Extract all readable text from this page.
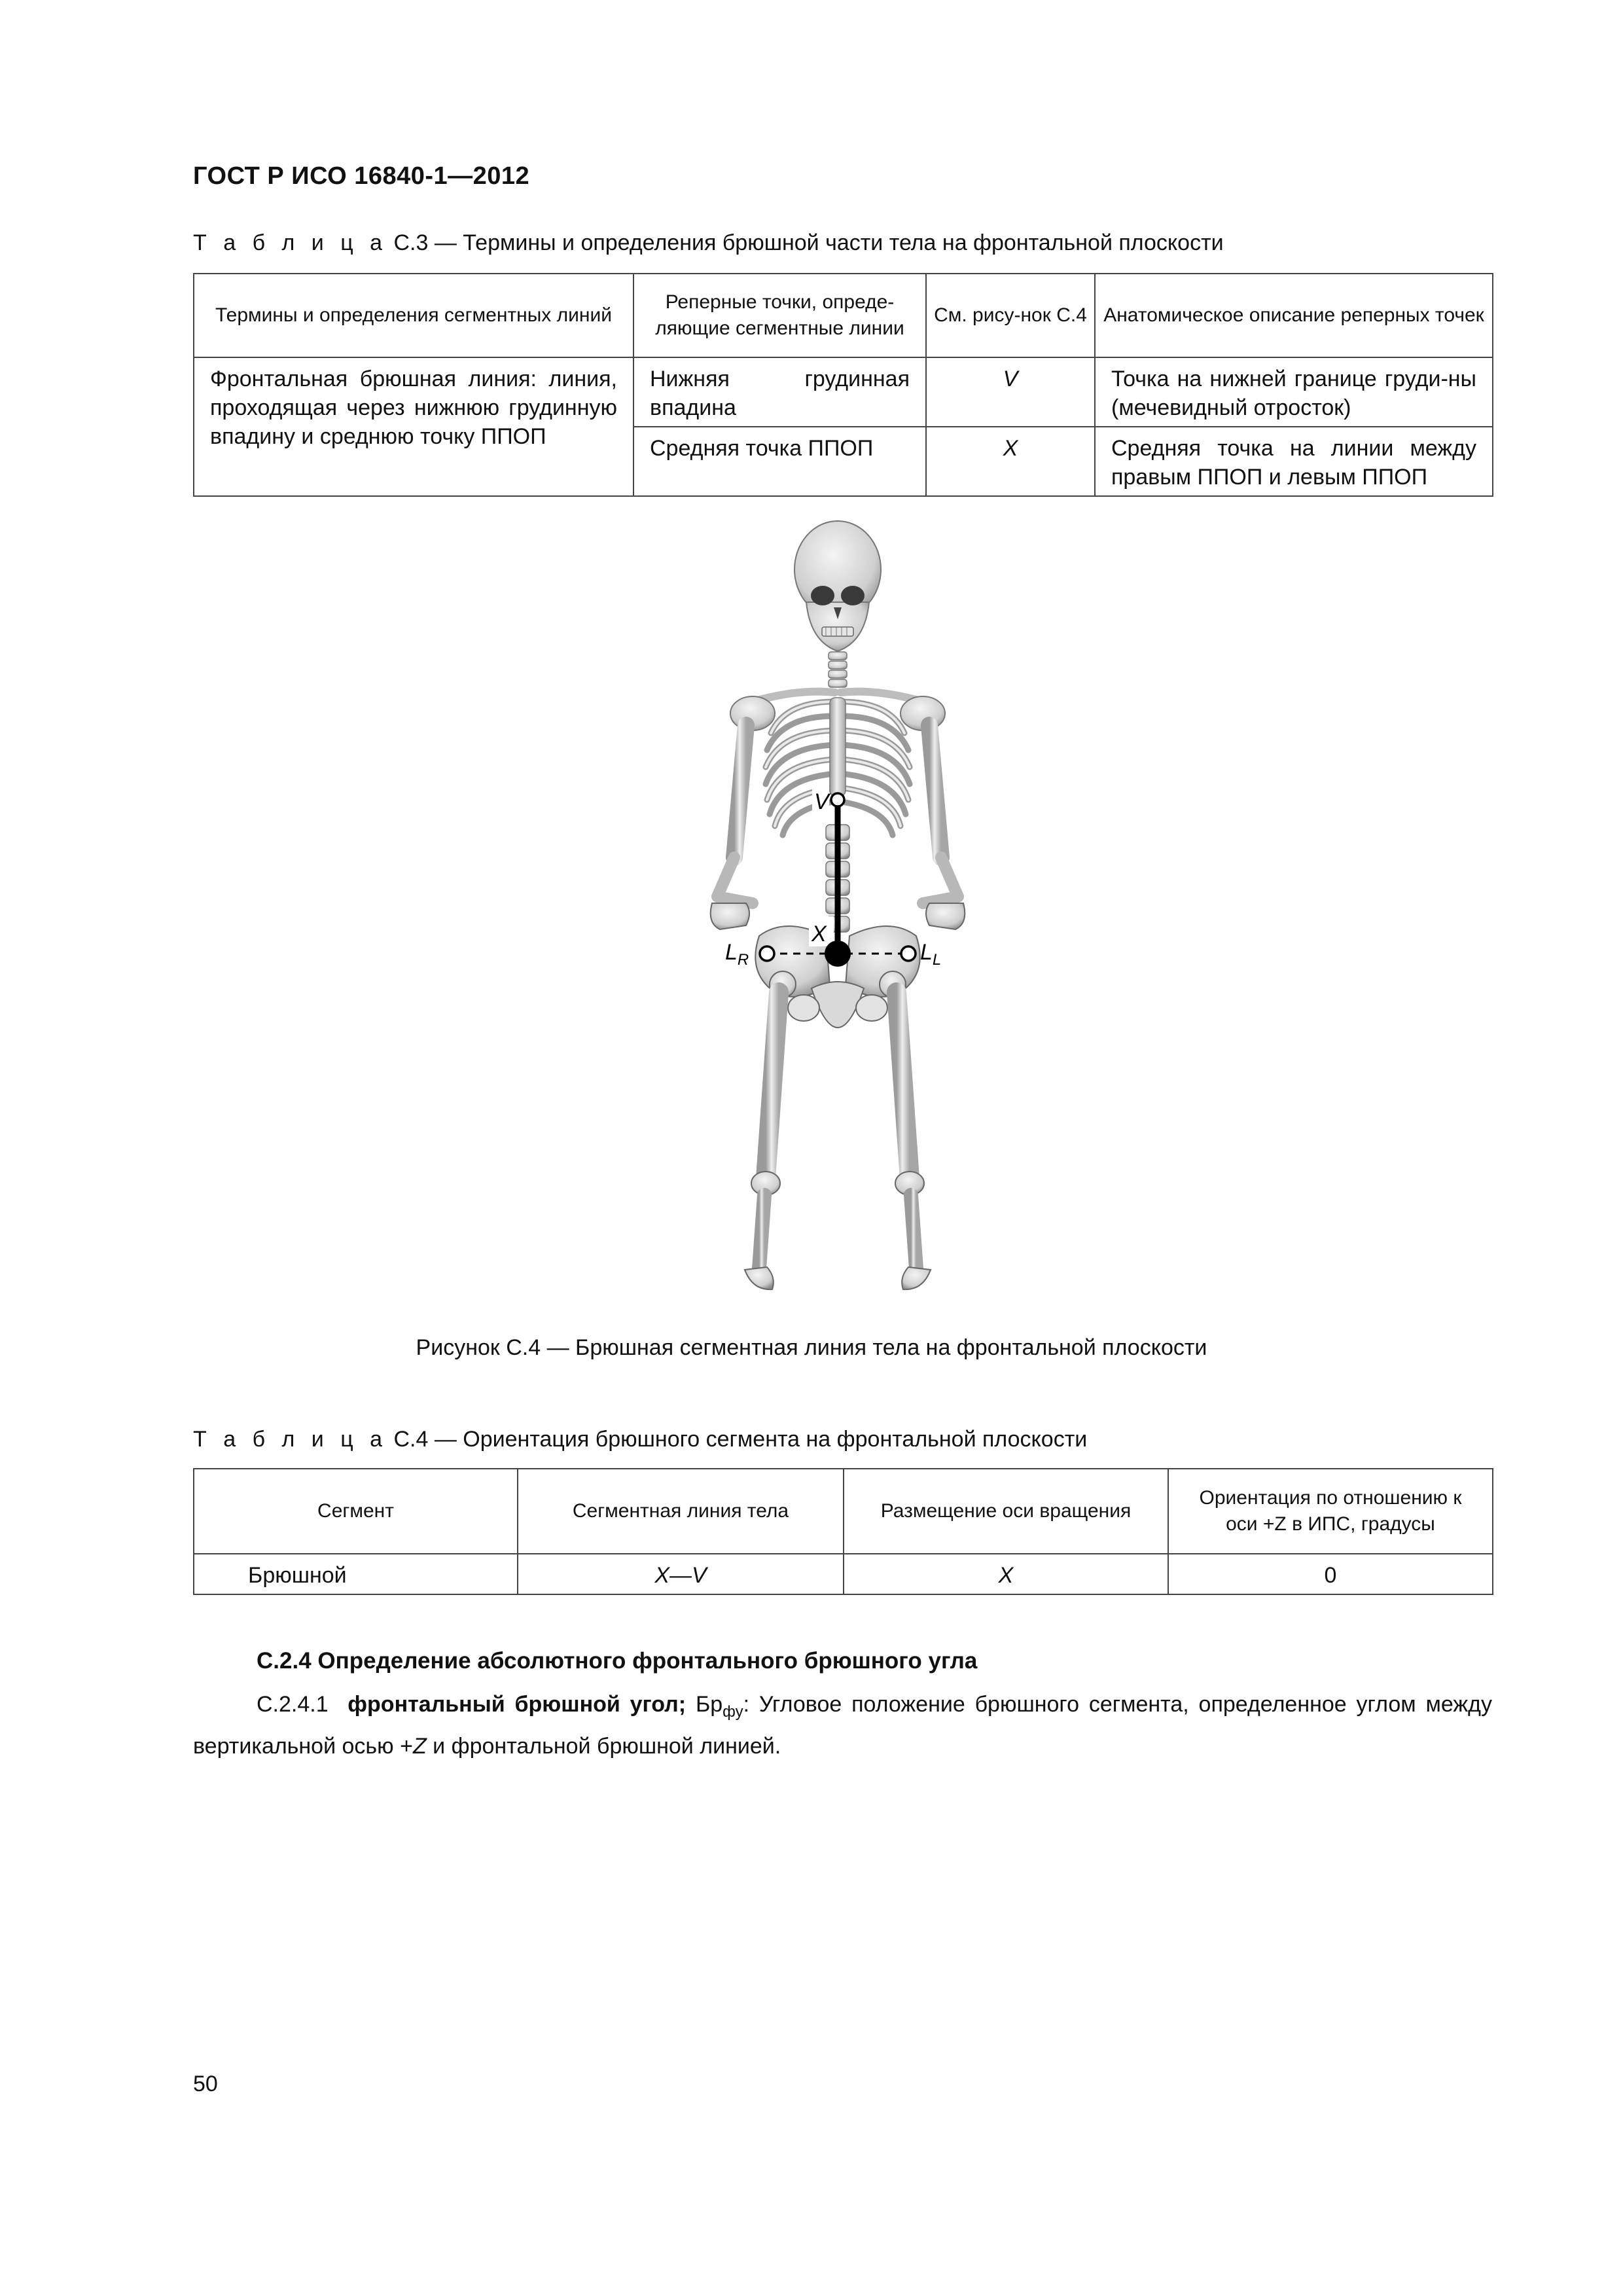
ГОСТ Р ИСО 16840-1—2012
Т а б л и ц а С.3 — Термины и определения брюшной части тела на фронтальной плоскости
Термины и определения сегментных линий	Реперные точки, опреде-ляющие сегментные линии	См. рису-нок С.4	Анатомическое описание реперных точек
Фронтальная брюшная линия: линия, проходящая через нижнюю грудинную впадину и среднюю точку ППОП	Нижняя грудинная впадина	V	Точка на нижней границе груди-ны (мечевидный отросток)
	Средняя точка ППОП	X	Средняя точка на линии между правым ППОП и левым ППОП
V
X
$L_R$	$L_L$
Рисунок С.4 — Брюшная сегментная линия тела на фронтальной плоскости
Т а б л и ц а С.4 — Ориентация брюшного сегмента на фронтальной плоскости
Сегмент	Сегментная линия тела	Размещение оси вращения	Ориентация по отношению к оси +Z в ИПС, градусы
Брюшной	X—V	X	0
С.2.4 Определение абсолютного фронтального брюшного угла
С.2.4.1 фронтальный брюшной угол; $Бр_{фу}$: Угловое положение брюшного сегмента, определенное углом между вертикальной осью +Z и фронтальной брюшной линией.
50
